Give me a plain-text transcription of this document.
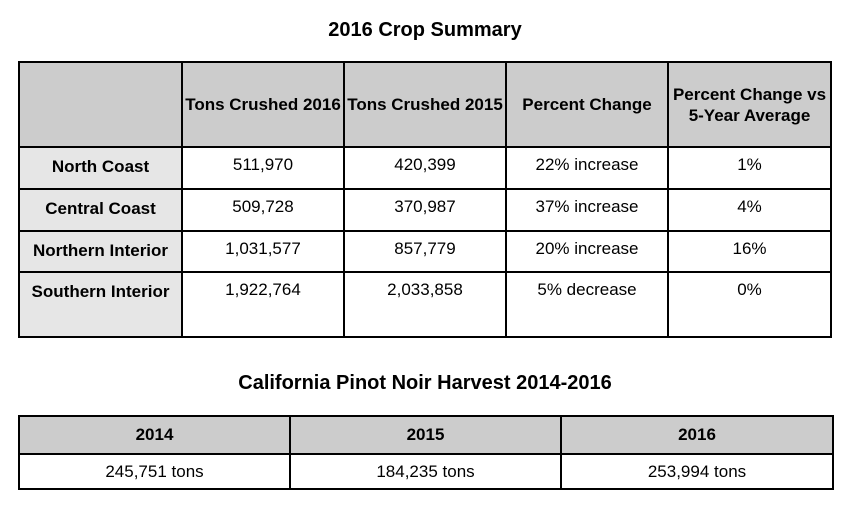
2016 Crop Summary
	Tons Crushed 2016	Tons Crushed 2015	Percent Change	Percent Change vs 5-Year Average
North Coast	511,970	420,399	22% increase	1%
Central Coast	509,728	370,987	37% increase	4%
Northern Interior	1,031,577	857,779	20% increase	16%
Southern Interior	1,922,764	2,033,858	5% decrease	0%
California Pinot Noir Harvest 2014-2016
2014	2015	2016
245,751 tons	184,235 tons	253,994 tons
